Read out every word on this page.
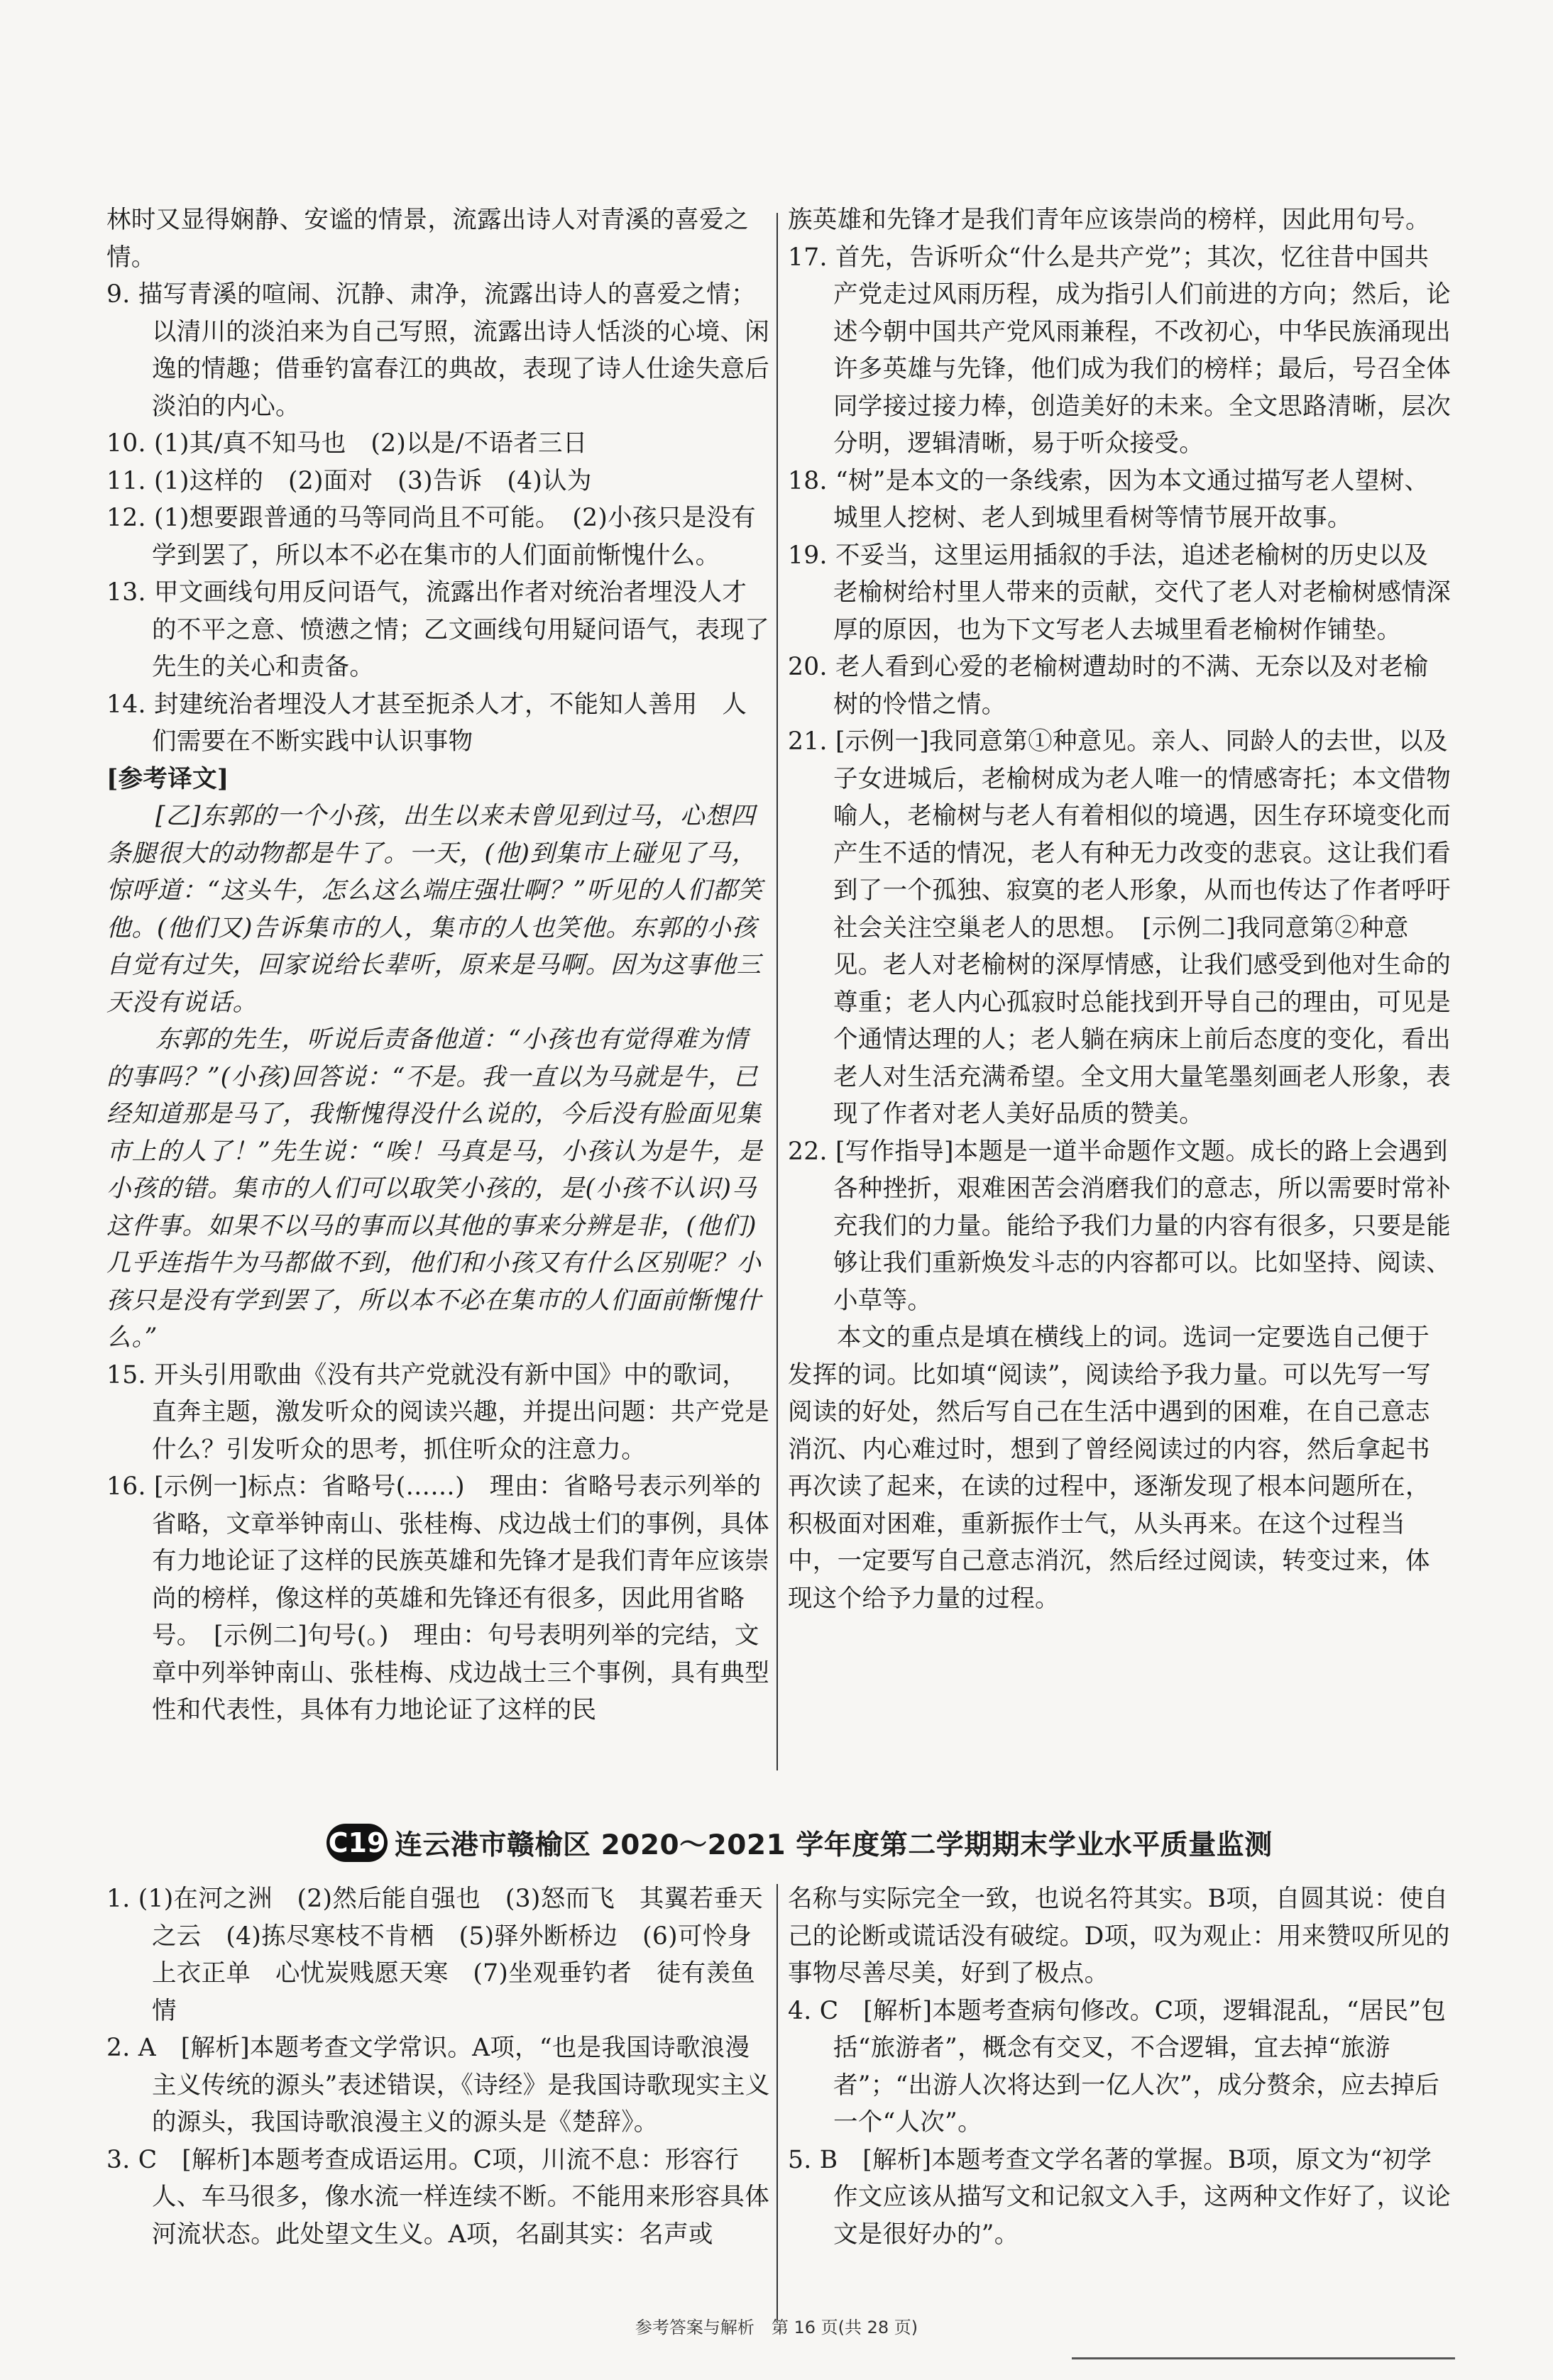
林时又显得娴静、安谧的情景，流露出诗人对青溪的喜爱之情。

9. 描写青溪的喧闹、沉静、肃净，流露出诗人的喜爱之情；以清川的淡泊来为自己写照，流露出诗人恬淡的心境、闲逸的情趣；借垂钓富春江的典故，表现了诗人仕途失意后淡泊的内心。

10. (1)其/真不知马也　(2)以是/不语者三日

11. (1)这样的　(2)面对　(3)告诉　(4)认为

12. (1)想要跟普通的马等同尚且不可能。　(2)小孩只是没有学到罢了，所以本不必在集市的人们面前惭愧什么。

13. 甲文画线句用反问语气，流露出作者对统治者埋没人才的不平之意、愤懑之情；乙文画线句用疑问语气，表现了先生的关心和责备。

14. 封建统治者埋没人才甚至扼杀人才，不能知人善用　人们需要在不断实践中认识事物

[参考译文]

[乙]东郭的一个小孩，出生以来未曾见到过马，心想四条腿很大的动物都是牛了。一天，(他)到集市上碰见了马，惊呼道：“这头牛，怎么这么端庄强壮啊？”听见的人们都笑他。(他们又)告诉集市的人，集市的人也笑他。东郭的小孩自觉有过失，回家说给长辈听，原来是马啊。因为这事他三天没有说话。

东郭的先生，听说后责备他道：“小孩也有觉得难为情的事吗？”(小孩)回答说：“不是。我一直以为马就是牛，已经知道那是马了，我惭愧得没什么说的，今后没有脸面见集市上的人了！”先生说：“唉！马真是马，小孩认为是牛，是小孩的错。集市的人们可以取笑小孩的，是(小孩不认识)马这件事。如果不以马的事而以其他的事来分辨是非，(他们)几乎连指牛为马都做不到，他们和小孩又有什么区别呢？小孩只是没有学到罢了，所以本不必在集市的人们面前惭愧什么。”

15. 开头引用歌曲《没有共产党就没有新中国》中的歌词，直奔主题，激发听众的阅读兴趣，并提出问题：共产党是什么？引发听众的思考，抓住听众的注意力。

16. [示例一]标点：省略号(……)　理由：省略号表示列举的省略，文章举钟南山、张桂梅、戍边战士们的事例，具体有力地论证了这样的民族英雄和先锋才是我们青年应该崇尚的榜样，像这样的英雄和先锋还有很多，因此用省略号。　[示例二]句号(。)　理由：句号表明列举的完结，文章中列举钟南山、张桂梅、戍边战士三个事例，具有典型性和代表性，具体有力地论证了这样的民

族英雄和先锋才是我们青年应该崇尚的榜样，因此用句号。

17. 首先，告诉听众“什么是共产党”；其次，忆往昔中国共产党走过风雨历程，成为指引人们前进的方向；然后，论述今朝中国共产党风雨兼程，不改初心，中华民族涌现出许多英雄与先锋，他们成为我们的榜样；最后，号召全体同学接过接力棒，创造美好的未来。全文思路清晰，层次分明，逻辑清晰，易于听众接受。

18. “树”是本文的一条线索，因为本文通过描写老人望树、城里人挖树、老人到城里看树等情节展开故事。

19. 不妥当，这里运用插叙的手法，追述老榆树的历史以及老榆树给村里人带来的贡献，交代了老人对老榆树感情深厚的原因，也为下文写老人去城里看老榆树作铺垫。

20. 老人看到心爱的老榆树遭劫时的不满、无奈以及对老榆树的怜惜之情。

21. [示例一]我同意第①种意见。亲人、同龄人的去世，以及子女进城后，老榆树成为老人唯一的情感寄托；本文借物喻人，老榆树与老人有着相似的境遇，因生存环境变化而产生不适的情况，老人有种无力改变的悲哀。这让我们看到了一个孤独、寂寞的老人形象，从而也传达了作者呼吁社会关注空巢老人的思想。　[示例二]我同意第②种意见。老人对老榆树的深厚情感，让我们感受到他对生命的尊重；老人内心孤寂时总能找到开导自己的理由，可见是个通情达理的人；老人躺在病床上前后态度的变化，看出老人对生活充满希望。全文用大量笔墨刻画老人形象，表现了作者对老人美好品质的赞美。

22. [写作指导]本题是一道半命题作文题。成长的路上会遇到各种挫折，艰难困苦会消磨我们的意志，所以需要时常补充我们的力量。能给予我们力量的内容有很多，只要是能够让我们重新焕发斗志的内容都可以。比如坚持、阅读、小草等。

本文的重点是填在横线上的词。选词一定要选自己便于发挥的词。比如填“阅读”，阅读给予我力量。可以先写一写阅读的好处，然后写自己在生活中遇到的困难，在自己意志消沉、内心难过时，想到了曾经阅读过的内容，然后拿起书再次读了起来，在读的过程中，逐渐发现了根本问题所在，积极面对困难，重新振作士气，从头再来。在这个过程当中，一定要写自己意志消沉，然后经过阅读，转变过来，体现这个给予力量的过程。

C19 连云港市赣榆区 2020～2021 学年度第二学期期末学业水平质量监测

1. (1)在河之洲　(2)然后能自强也　(3)怒而飞　其翼若垂天之云　(4)拣尽寒枝不肯栖　(5)驿外断桥边　(6)可怜身上衣正单　心忧炭贱愿天寒　(7)坐观垂钓者　徒有羡鱼情

2. A　[解析]本题考查文学常识。A项，“也是我国诗歌浪漫主义传统的源头”表述错误，《诗经》是我国诗歌现实主义的源头，我国诗歌浪漫主义的源头是《楚辞》。

3. C　[解析]本题考查成语运用。C项，川流不息：形容行人、车马很多，像水流一样连续不断。不能用来形容具体河流状态。此处望文生义。A项，名副其实：名声或

名称与实际完全一致，也说名符其实。B项，自圆其说：使自己的论断或谎话没有破绽。D项，叹为观止：用来赞叹所见的事物尽善尽美，好到了极点。

4. C　[解析]本题考查病句修改。C项，逻辑混乱，“居民”包括“旅游者”，概念有交叉，不合逻辑，宜去掉“旅游者”；“出游人次将达到一亿人次”，成分赘余，应去掉后一个“人次”。

5. B　[解析]本题考查文学名著的掌握。B项，原文为“初学作文应该从描写文和记叙文入手，这两种文作好了，议论文是很好办的”。

参考答案与解析　第 16 页(共 28 页)
